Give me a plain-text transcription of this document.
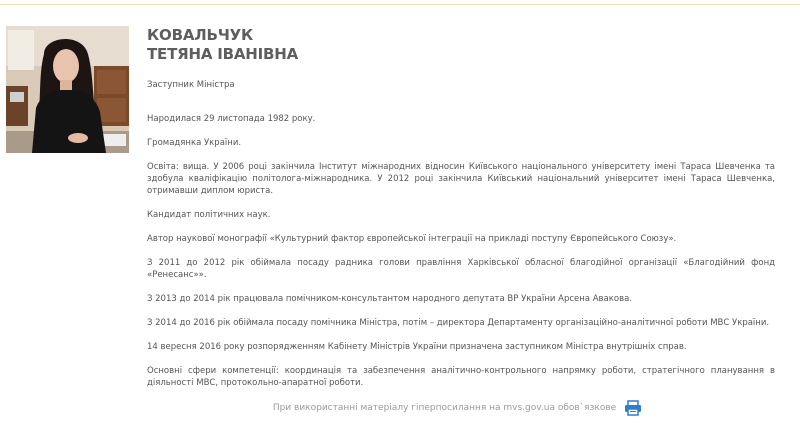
КОВАЛЬЧУК
ТЕТЯНА ІВАНІВНА

Заступник Міністра

Народилася 29 листопада 1982 року.

Громадянка України.

Освіта: вища. У 2006 році закінчила Інститут міжнародних відносин Київського національного університету імені Тараса Шевченка та здобула кваліфікацію політолога-міжнародника. У 2012 році закінчила Київський національний університет імені Тараса Шевченка, отримавши диплом юриста.

Кандидат політичних наук.

Автор наукової монографії «Культурний фактор європейської інтеграції на прикладі поступу Європейського Союзу».

З 2011 до 2012 рік обіймала посаду радника голови правління Харківської обласної благодійної організації «Благодійний фонд «Ренесанс»».

З 2013 до 2014 рік працювала помічником-консультантом народного депутата ВР України Арсена Авакова.

З 2014 до 2016 рік обіймала посаду помічника Міністра, потім – директора Департаменту організаційно-аналітичної роботи МВС України.

14 вересня 2016 року розпорядженням Кабінету Міністрів України призначена заступником Міністра внутрішніх справ.

Основні сфери компетенції: координація та забезпечення аналітично-контрольного напрямку роботи, стратегічного планування в діяльності МВС, протокольно-апаратної роботи.

При використанні матеріалу гіперпосилання на mvs.gov.ua обов`язкове
